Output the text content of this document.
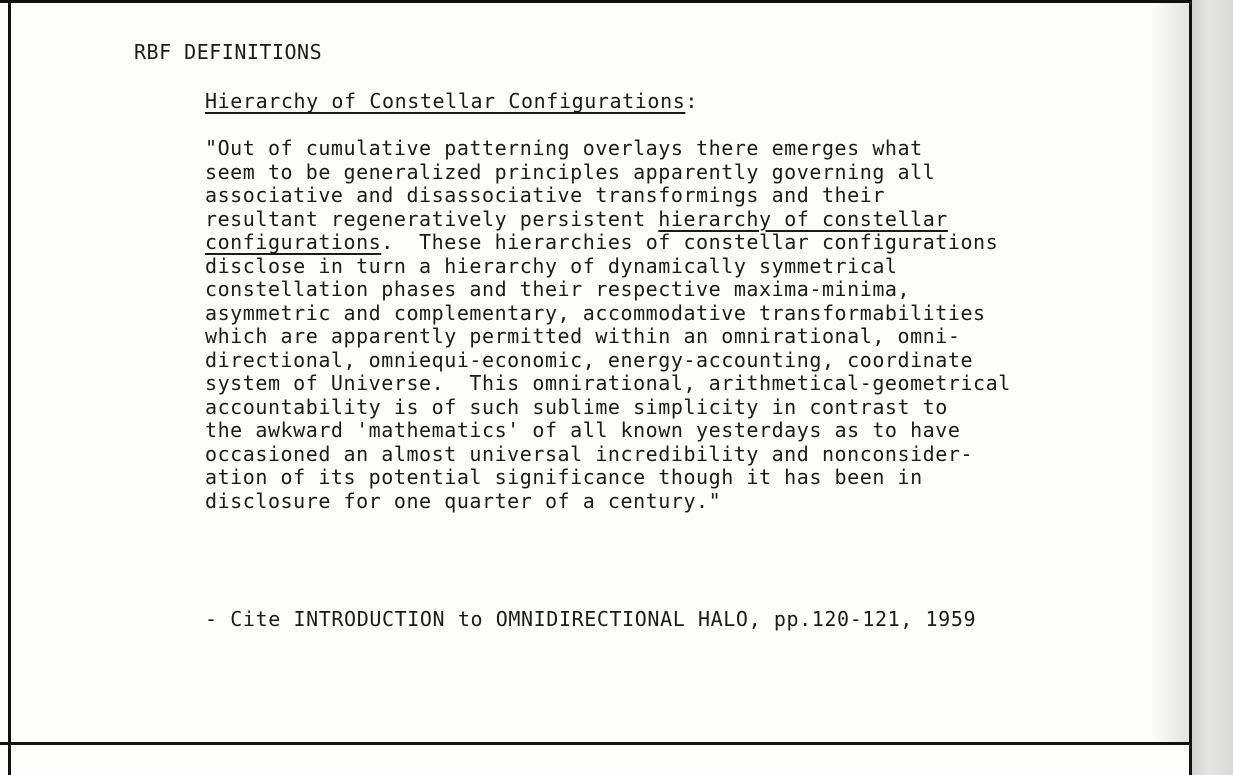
RBF DEFINITIONS
Hierarchy of Constellar Configurations:
"Out of cumulative patterning overlays there emerges what
seem to be generalized principles apparently governing all
associative and disassociative transformings and their
resultant regeneratively persistent hierarchy of constellar
configurations.  These hierarchies of constellar configurations
disclose in turn a hierarchy of dynamically symmetrical
constellation phases and their respective maxima-minima,
asymmetric and complementary, accommodative transformabilities
which are apparently permitted within an omnirational, omni-
directional, omniequi-economic, energy-accounting, coordinate
system of Universe.  This omnirational, arithmetical-geometrical
accountability is of such sublime simplicity in contrast to
the awkward 'mathematics' of all known yesterdays as to have
occasioned an almost universal incredibility and nonconsider-
ation of its potential significance though it has been in
disclosure for one quarter of a century."
- Cite INTRODUCTION to OMNIDIRECTIONAL HALO, pp.120-121, 1959
